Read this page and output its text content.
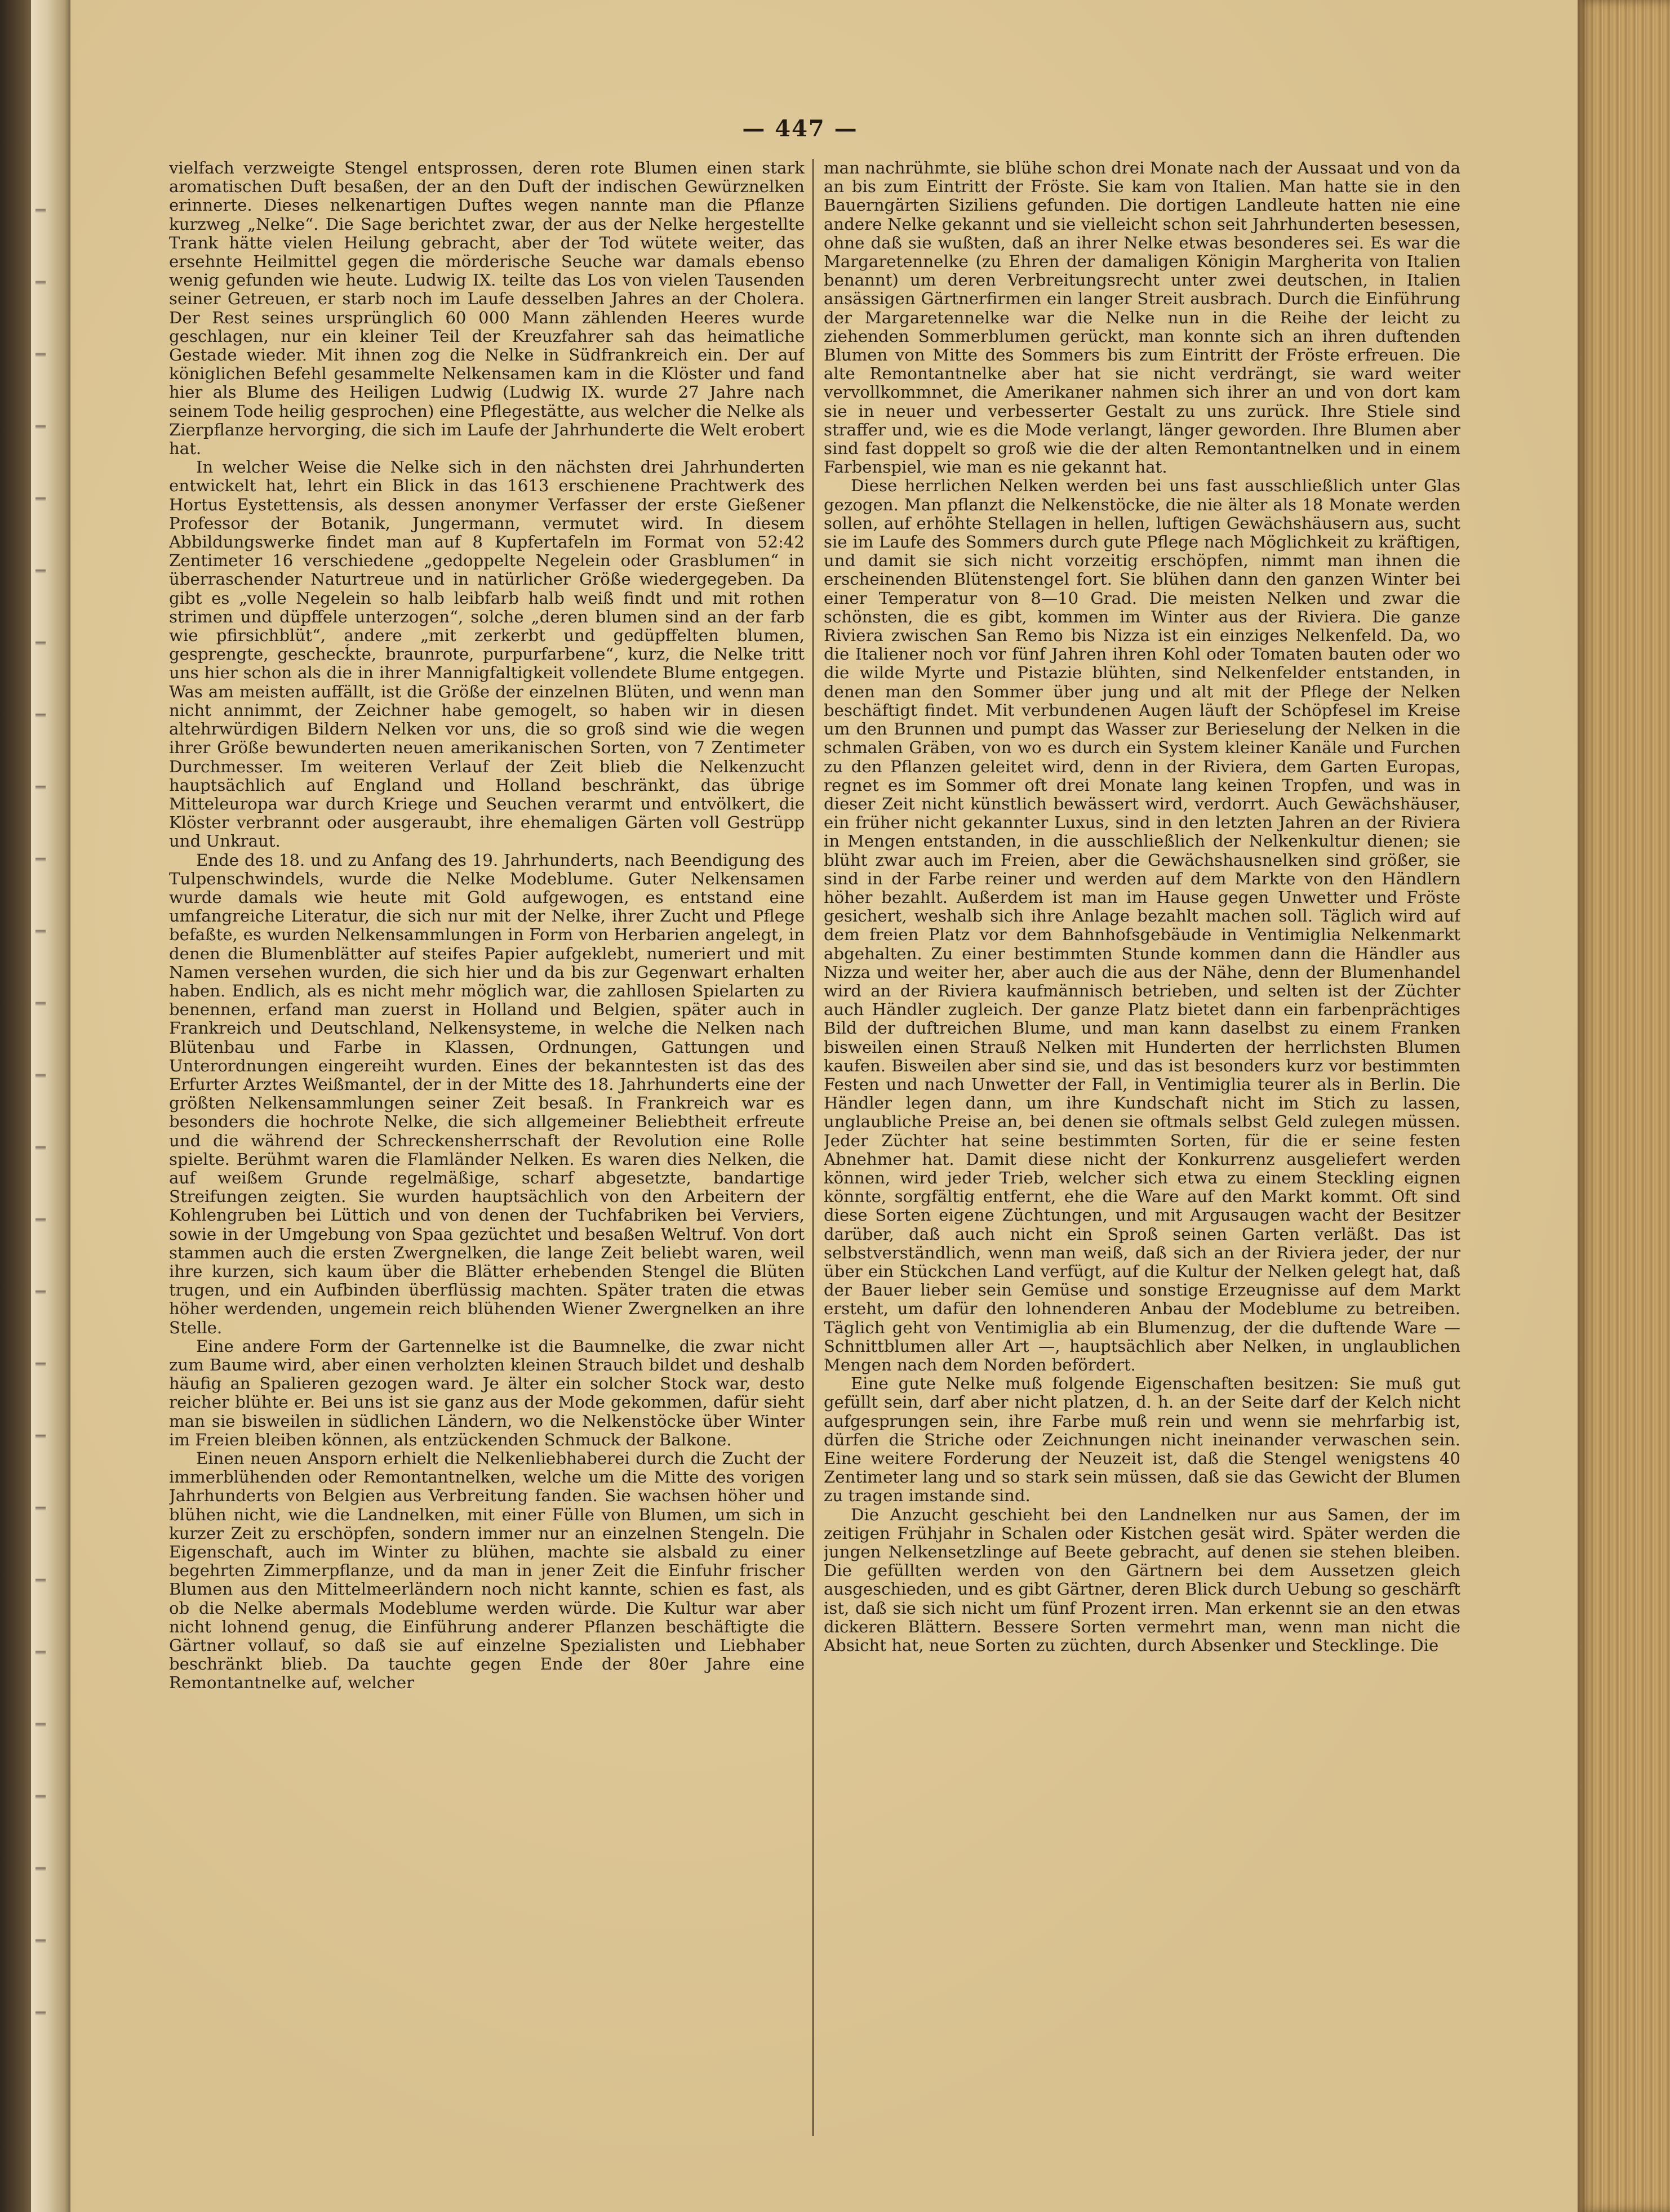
— 447 —

vielfach verzweigte Stengel entsprossen, deren rote Blumen einen stark aromatischen Duft besaßen, der an den Duft der indischen Gewürznelken erinnerte. Dieses nelkenartigen Duftes wegen nannte man die Pflanze kurzweg „Nelke“. Die Sage berichtet zwar, der aus der Nelke hergestellte Trank hätte vielen Heilung gebracht, aber der Tod wütete weiter, das ersehnte Heilmittel gegen die mörderische Seuche war damals ebenso wenig gefunden wie heute. Ludwig IX. teilte das Los von vielen Tausenden seiner Getreuen, er starb noch im Laufe desselben Jahres an der Cholera. Der Rest seines ursprünglich 60 000 Mann zählenden Heeres wurde geschlagen, nur ein kleiner Teil der Kreuzfahrer sah das heimatliche Gestade wieder. Mit ihnen zog die Nelke in Südfrankreich ein. Der auf königlichen Befehl gesammelte Nelkensamen kam in die Klöster und fand hier als Blume des Heiligen Ludwig (Ludwig IX. wurde 27 Jahre nach seinem Tode heilig gesprochen) eine Pflegestätte, aus welcher die Nelke als Zierpflanze hervorging, die sich im Laufe der Jahrhunderte die Welt erobert hat.

In welcher Weise die Nelke sich in den nächsten drei Jahrhunderten entwickelt hat, lehrt ein Blick in das 1613 erschienene Prachtwerk des Hortus Eystettensis, als dessen anonymer Verfasser der erste Gießener Professor der Botanik, Jungermann, vermutet wird. In diesem Abbildungswerke findet man auf 8 Kupfertafeln im Format von 52:42 Zentimeter 16 verschiedene „gedoppelte Negelein oder Grasblumen“ in überraschender Naturtreue und in natürlicher Größe wiedergegeben. Da gibt es „volle Negelein so halb leibfarb halb weiß findt und mit rothen strimen und düpffele unterzogen“, solche „deren blumen sind an der farb wie pfirsichblüt“, andere „mit zerkerbt und gedüpffelten blumen, gesprengte, geschecḱte, braunrote, purpurfarbene“, kurz, die Nelke tritt uns hier schon als die in ihrer Mannigfaltigkeit vollendete Blume entgegen. Was am meisten auffällt, ist die Größe der einzelnen Blüten, und wenn man nicht annimmt, der Zeichner habe gemogelt, so haben wir in diesen altehrwürdigen Bildern Nelken vor uns, die so groß sind wie die wegen ihrer Größe bewunderten neuen amerikanischen Sorten, von 7 Zentimeter Durchmesser. Im weiteren Verlauf der Zeit blieb die Nelkenzucht hauptsächlich auf England und Holland beschränkt, das übrige Mitteleuropa war durch Kriege und Seuchen verarmt und entvölkert, die Klöster verbrannt oder ausgeraubt, ihre ehemaligen Gärten voll Gestrüpp und Unkraut.

Ende des 18. und zu Anfang des 19. Jahrhunderts, nach Beendigung des Tulpenschwindels, wurde die Nelke Modeblume. Guter Nelkensamen wurde damals wie heute mit Gold aufgewogen, es entstand eine umfangreiche Literatur, die sich nur mit der Nelke, ihrer Zucht und Pflege befaßte, es wurden Nelkensammlungen in Form von Herbarien angelegt, in denen die Blumenblätter auf steifes Papier aufgeklebt, numeriert und mit Namen versehen wurden, die sich hier und da bis zur Gegenwart erhalten haben. Endlich, als es nicht mehr möglich war, die zahllosen Spielarten zu benennen, erfand man zuerst in Holland und Belgien, später auch in Frankreich und Deutschland, Nelkensysteme, in welche die Nelken nach Blütenbau und Farbe in Klassen, Ordnungen, Gattungen und Unterordnungen eingereiht wurden. Eines der bekanntesten ist das des Erfurter Arztes Weißmantel, der in der Mitte des 18. Jahrhunderts eine der größten Nelkensammlungen seiner Zeit besaß. In Frankreich war es besonders die hochrote Nelke, die sich allgemeiner Beliebtheit erfreute und die während der Schreckensherrschaft der Revolution eine Rolle spielte. Berühmt waren die Flamländer Nelken. Es waren dies Nelken, die auf weißem Grunde regelmäßige, scharf abgesetzte, bandartige Streifungen zeigten. Sie wurden hauptsächlich von den Arbeitern der Kohlengruben bei Lüttich und von denen der Tuchfabriken bei Verviers, sowie in der Umgebung von Spaa gezüchtet und besaßen Weltruf. Von dort stammen auch die ersten Zwergnelken, die lange Zeit beliebt waren, weil ihre kurzen, sich kaum über die Blätter erhebenden Stengel die Blüten trugen, und ein Aufbinden überflüssig machten. Später traten die etwas höher werdenden, ungemein reich blühenden Wiener Zwergnelken an ihre Stelle.

Eine andere Form der Gartennelke ist die Baumnelke, die zwar nicht zum Baume wird, aber einen verholzten kleinen Strauch bildet und deshalb häufig an Spalieren gezogen ward. Je älter ein solcher Stock war, desto reicher blühte er. Bei uns ist sie ganz aus der Mode gekommen, dafür sieht man sie bisweilen in südlichen Ländern, wo die Nelkenstöcke über Winter im Freien bleiben können, als entzückenden Schmuck der Balkone.

Einen neuen Ansporn erhielt die Nelkenliebhaberei durch die Zucht der immerblühenden oder Remontantnelken, welche um die Mitte des vorigen Jahrhunderts von Belgien aus Verbreitung fanden. Sie wachsen höher und blühen nicht, wie die Landnelken, mit einer Fülle von Blumen, um sich in kurzer Zeit zu erschöpfen, sondern immer nur an einzelnen Stengeln. Die Eigenschaft, auch im Winter zu blühen, machte sie alsbald zu einer begehrten Zimmerpflanze, und da man in jener Zeit die Einfuhr frischer Blumen aus den Mittelmeerländern noch nicht kannte, schien es fast, als ob die Nelke abermals Modeblume werden würde. Die Kultur war aber nicht lohnend genug, die Einführung anderer Pflanzen beschäftigte die Gärtner vollauf, so daß sie auf einzelne Spezialisten und Liebhaber beschränkt blieb. Da tauchte gegen Ende der 80er Jahre eine Remontantnelke auf, welcher

man nachrühmte, sie blühe schon drei Monate nach der Aussaat und von da an bis zum Eintritt der Fröste. Sie kam von Italien. Man hatte sie in den Bauerngärten Siziliens gefunden. Die dortigen Landleute hatten nie eine andere Nelke gekannt und sie vielleicht schon seit Jahrhunderten besessen, ohne daß sie wußten, daß an ihrer Nelke etwas besonderes sei. Es war die Margaretennelke (zu Ehren der damaligen Königin Margherita von Italien benannt) um deren Verbreitungsrecht unter zwei deutschen, in Italien ansässigen Gärtnerfirmen ein langer Streit ausbrach. Durch die Einführung der Margaretennelke war die Nelke nun in die Reihe der leicht zu ziehenden Sommerblumen gerückt, man konnte sich an ihren duftenden Blumen von Mitte des Sommers bis zum Eintritt der Fröste erfreuen. Die alte Remontantnelke aber hat sie nicht verdrängt, sie ward weiter vervollkommnet, die Amerikaner nahmen sich ihrer an und von dort kam sie in neuer und verbesserter Gestalt zu uns zurück. Ihre Stiele sind straffer und, wie es die Mode verlangt, länger geworden. Ihre Blumen aber sind fast doppelt so groß wie die der alten Remontantnelken und in einem Farbenspiel, wie man es nie gekannt hat.

Diese herrlichen Nelken werden bei uns fast ausschließlich unter Glas gezogen. Man pflanzt die Nelkenstöcke, die nie älter als 18 Monate werden sollen, auf erhöhte Stellagen in hellen, luftigen Gewächshäusern aus, sucht sie im Laufe des Sommers durch gute Pflege nach Möglichkeit zu kräftigen, und damit sie sich nicht vorzeitig erschöpfen, nimmt man ihnen die erscheinenden Blütenstengel fort. Sie blühen dann den ganzen Winter bei einer Temperatur von 8—10 Grad. Die meisten Nelken und zwar die schönsten, die es gibt, kommen im Winter aus der Riviera. Die ganze Riviera zwischen San Remo bis Nizza ist ein einziges Nelkenfeld. Da, wo die Italiener noch vor fünf Jahren ihren Kohl oder Tomaten bauten oder wo die wilde Myrte und Pistazie blühten, sind Nelkenfelder entstanden, in denen man den Sommer über jung und alt mit der Pflege der Nelken beschäftigt findet. Mit verbundenen Augen läuft der Schöpfesel im Kreise um den Brunnen und pumpt das Wasser zur Berieselung der Nelken in die schmalen Gräben, von wo es durch ein System kleiner Kanäle und Furchen zu den Pflanzen geleitet wird, denn in der Riviera, dem Garten Europas, regnet es im Sommer oft drei Monate lang keinen Tropfen, und was in dieser Zeit nicht künstlich bewässert wird, verdorrt. Auch Gewächshäuser, ein früher nicht gekannter Luxus, sind in den letzten Jahren an der Riviera in Mengen entstanden, in die ausschließlich der Nelkenkultur dienen; sie blüht zwar auch im Freien, aber die Gewächshausnelken sind größer, sie sind in der Farbe reiner und werden auf dem Markte von den Händlern höher bezahlt. Außerdem ist man im Hause gegen Unwetter und Fröste gesichert, weshalb sich ihre Anlage bezahlt machen soll. Täglich wird auf dem freien Platz vor dem Bahnhofsgebäude in Ventimiglia Nelkenmarkt abgehalten. Zu einer bestimmten Stunde kommen dann die Händler aus Nizza und weiter her, aber auch die aus der Nähe, denn der Blumenhandel wird an der Riviera kaufmännisch betrieben, und selten ist der Züchter auch Händler zugleich. Der ganze Platz bietet dann ein farbenprächtiges Bild der duftreichen Blume, und man kann daselbst zu einem Franken bisweilen einen Strauß Nelken mit Hunderten der herrlichsten Blumen kaufen. Bisweilen aber sind sie, und das ist besonders kurz vor bestimmten Festen und nach Unwetter der Fall, in Ventimiglia teurer als in Berlin. Die Händler legen dann, um ihre Kundschaft nicht im Stich zu lassen, unglaubliche Preise an, bei denen sie oftmals selbst Geld zulegen müssen. Jeder Züchter hat seine bestimmten Sorten, für die er seine festen Abnehmer hat. Damit diese nicht der Konkurrenz ausgeliefert werden können, wird jeder Trieb, welcher sich etwa zu einem Steckling eignen könnte, sorgfältig entfernt, ehe die Ware auf den Markt kommt. Oft sind diese Sorten eigene Züchtungen, und mit Argusaugen wacht der Besitzer darüber, daß auch nicht ein Sproß seinen Garten verläßt. Das ist selbstverständlich, wenn man weiß, daß sich an der Riviera jeder, der nur über ein Stückchen Land verfügt, auf die Kultur der Nelken gelegt hat, daß der Bauer lieber sein Gemüse und sonstige Erzeugnisse auf dem Markt ersteht, um dafür den lohnenderen Anbau der Modeblume zu betreiben. Täglich geht von Ventimiglia ab ein Blumenzug, der die duftende Ware — Schnittblumen aller Art —, hauptsächlich aber Nelken, in unglaublichen Mengen nach dem Norden befördert.

Eine gute Nelke muß folgende Eigenschaften besitzen: Sie muß gut gefüllt sein, darf aber nicht platzen, d. h. an der Seite darf der Kelch nicht aufgesprungen sein, ihre Farbe muß rein und wenn sie mehrfarbig ist, dürfen die Striche oder Zeichnungen nicht ineinander verwaschen sein. Eine weitere Forderung der Neuzeit ist, daß die Stengel wenigstens 40 Zentimeter lang und so stark sein müssen, daß sie das Gewicht der Blumen zu tragen imstande sind.

Die Anzucht geschieht bei den Landnelken nur aus Samen, der im zeitigen Frühjahr in Schalen oder Kistchen gesät wird. Später werden die jungen Nelkensetzlinge auf Beete gebracht, auf denen sie stehen bleiben. Die gefüllten werden von den Gärtnern bei dem Aussetzen gleich ausgeschieden, und es gibt Gärtner, deren Blick durch Uebung so geschärft ist, daß sie sich nicht um fünf Prozent irren. Man erkennt sie an den etwas dickeren Blättern. Bessere Sorten vermehrt man, wenn man nicht die Absicht hat, neue Sorten zu züchten, durch Absenker und Stecklinge. Die
